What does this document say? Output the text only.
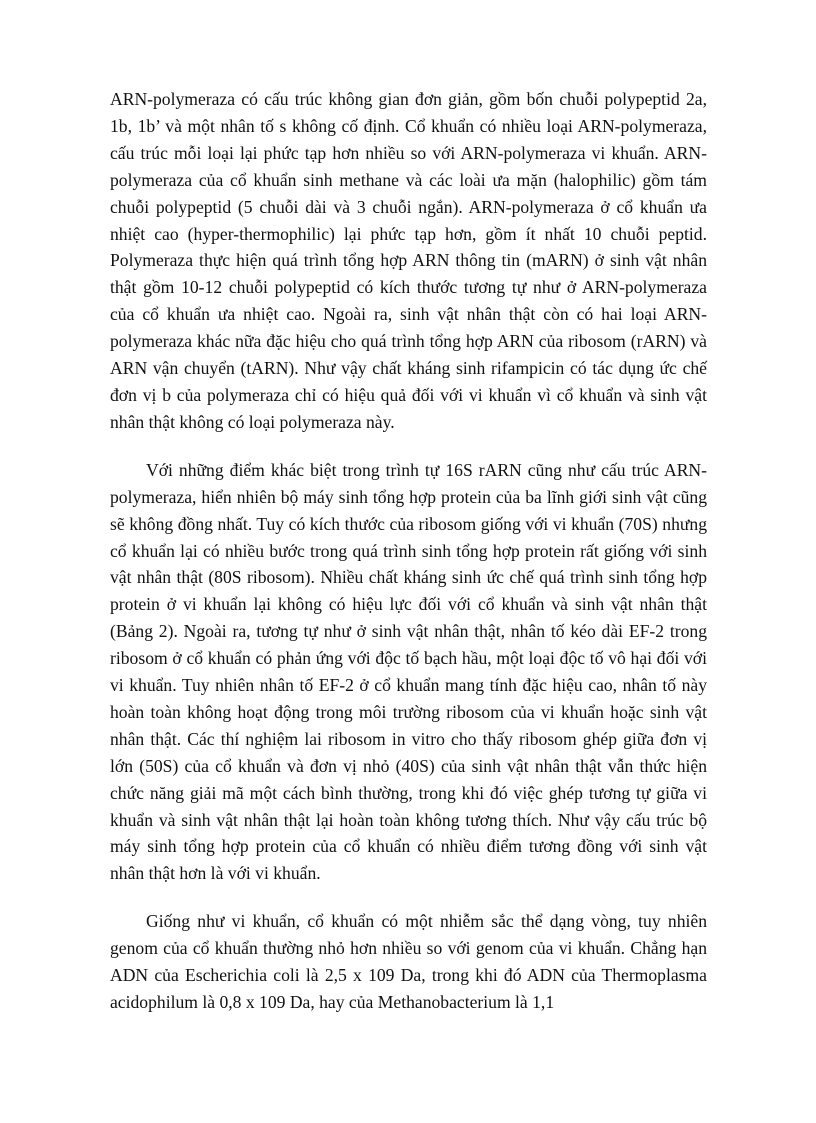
ARN-polymeraza có cấu trúc không gian đơn giản, gồm bốn chuỗi polypeptid 2a, 1b, 1b’ và một nhân tố s không cố định. Cổ khuẩn có nhiều loại ARN-polymeraza, cấu trúc mỗi loại lại phức tạp hơn nhiều so với ARN-polymeraza vi khuẩn. ARN-polymeraza của cổ khuẩn sinh methane và các loài ưa mặn (halophilic) gồm tám chuỗi polypeptid (5 chuỗi dài và 3 chuỗi ngắn). ARN-polymeraza ở cổ khuẩn ưa nhiệt cao (hyper-thermophilic) lại phức tạp hơn, gồm ít nhất 10 chuỗi peptid. Polymeraza thực hiện quá trình tổng hợp ARN thông tin (mARN) ở sinh vật nhân thật gồm 10-12 chuỗi polypeptid có kích thước tương tự như ở ARN-polymeraza của cổ khuẩn ưa nhiệt cao. Ngoài ra, sinh vật nhân thật còn có hai loại ARN-polymeraza khác nữa đặc hiệu cho quá trình tổng hợp ARN của ribosom (rARN) và ARN vận chuyển (tARN). Như vậy chất kháng sinh rifampicin có tác dụng ức chế đơn vị b của polymeraza chỉ có hiệu quả đối với vi khuẩn vì cổ khuẩn và sinh vật nhân thật không có loại polymeraza này.

Với những điểm khác biệt trong trình tự 16S rARN cũng như cấu trúc ARN-polymeraza, hiển nhiên bộ máy sinh tổng hợp protein của ba lĩnh giới sinh vật cũng sẽ không đồng nhất. Tuy có kích thước của ribosom giống với vi khuẩn (70S) nhưng cổ khuẩn lại có nhiều bước trong quá trình sinh tổng hợp protein rất giống với sinh vật nhân thật (80S ribosom). Nhiều chất kháng sinh ức chế quá trình sinh tổng hợp protein ở vi khuẩn lại không có hiệu lực đối với cổ khuẩn và sinh vật nhân thật (Bảng 2). Ngoài ra, tương tự như ở sinh vật nhân thật, nhân tố kéo dài EF-2 trong ribosom ở cổ khuẩn có phản ứng với độc tố bạch hầu, một loại độc tố vô hại đối với vi khuẩn. Tuy nhiên nhân tố EF-2 ở cổ khuẩn mang tính đặc hiệu cao, nhân tố này hoàn toàn không hoạt động trong môi trường ribosom của vi khuẩn hoặc sinh vật nhân thật. Các thí nghiệm lai ribosom in vitro cho thấy ribosom ghép giữa đơn vị lớn (50S) của cổ khuẩn và đơn vị nhỏ (40S) của sinh vật nhân thật vẫn thức hiện chức năng giải mã một cách bình thường, trong khi đó việc ghép tương tự giữa vi khuẩn và sinh vật nhân thật lại hoàn toàn không tương thích. Như vậy cấu trúc bộ máy sinh tổng hợp protein của cổ khuẩn có nhiều điểm tương đồng với sinh vật nhân thật hơn là với vi khuẩn.

Giống như vi khuẩn, cổ khuẩn có một nhiễm sắc thể dạng vòng, tuy nhiên genom của cổ khuẩn thường nhỏ hơn nhiều so với genom của vi khuẩn. Chẳng hạn ADN của Escherichia coli là 2,5 x 109 Da, trong khi đó ADN của Thermoplasma acidophilum là 0,8 x 109 Da, hay của Methanobacterium là 1,1
